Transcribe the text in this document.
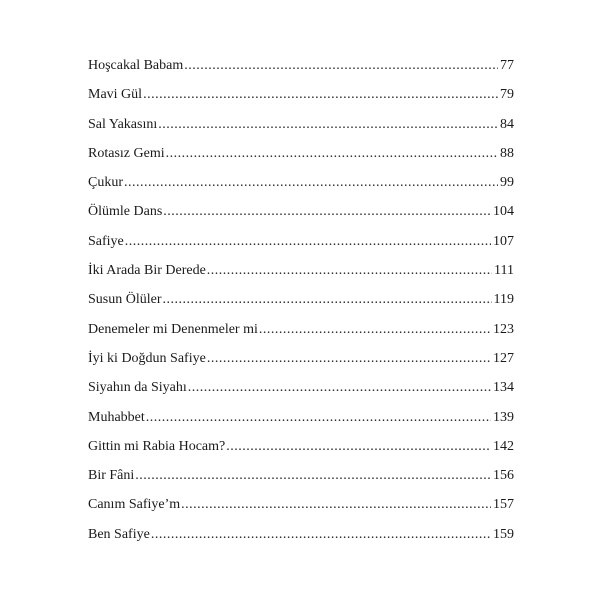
Hoşcakal Babam .....	77
Mavi Gül .....	79
Sal Yakasını .....	84
Rotasız Gemi .....	88
Çukur .....	99
Ölümle Dans .....	104
Safiye .....	107
İki Arada Bir Derede .....	111
Susun Ölüler .....	119
Denemeler mi Denenmeler mi .....	123
İyi ki Doğdun Safiye .....	127
Siyahın da Siyahı .....	134
Muhabbet .....	139
Gittin mi Rabia Hocam? .....	142
Bir Fâni .....	156
Canım Safiye’m .....	157
Ben Safiye .....	159
